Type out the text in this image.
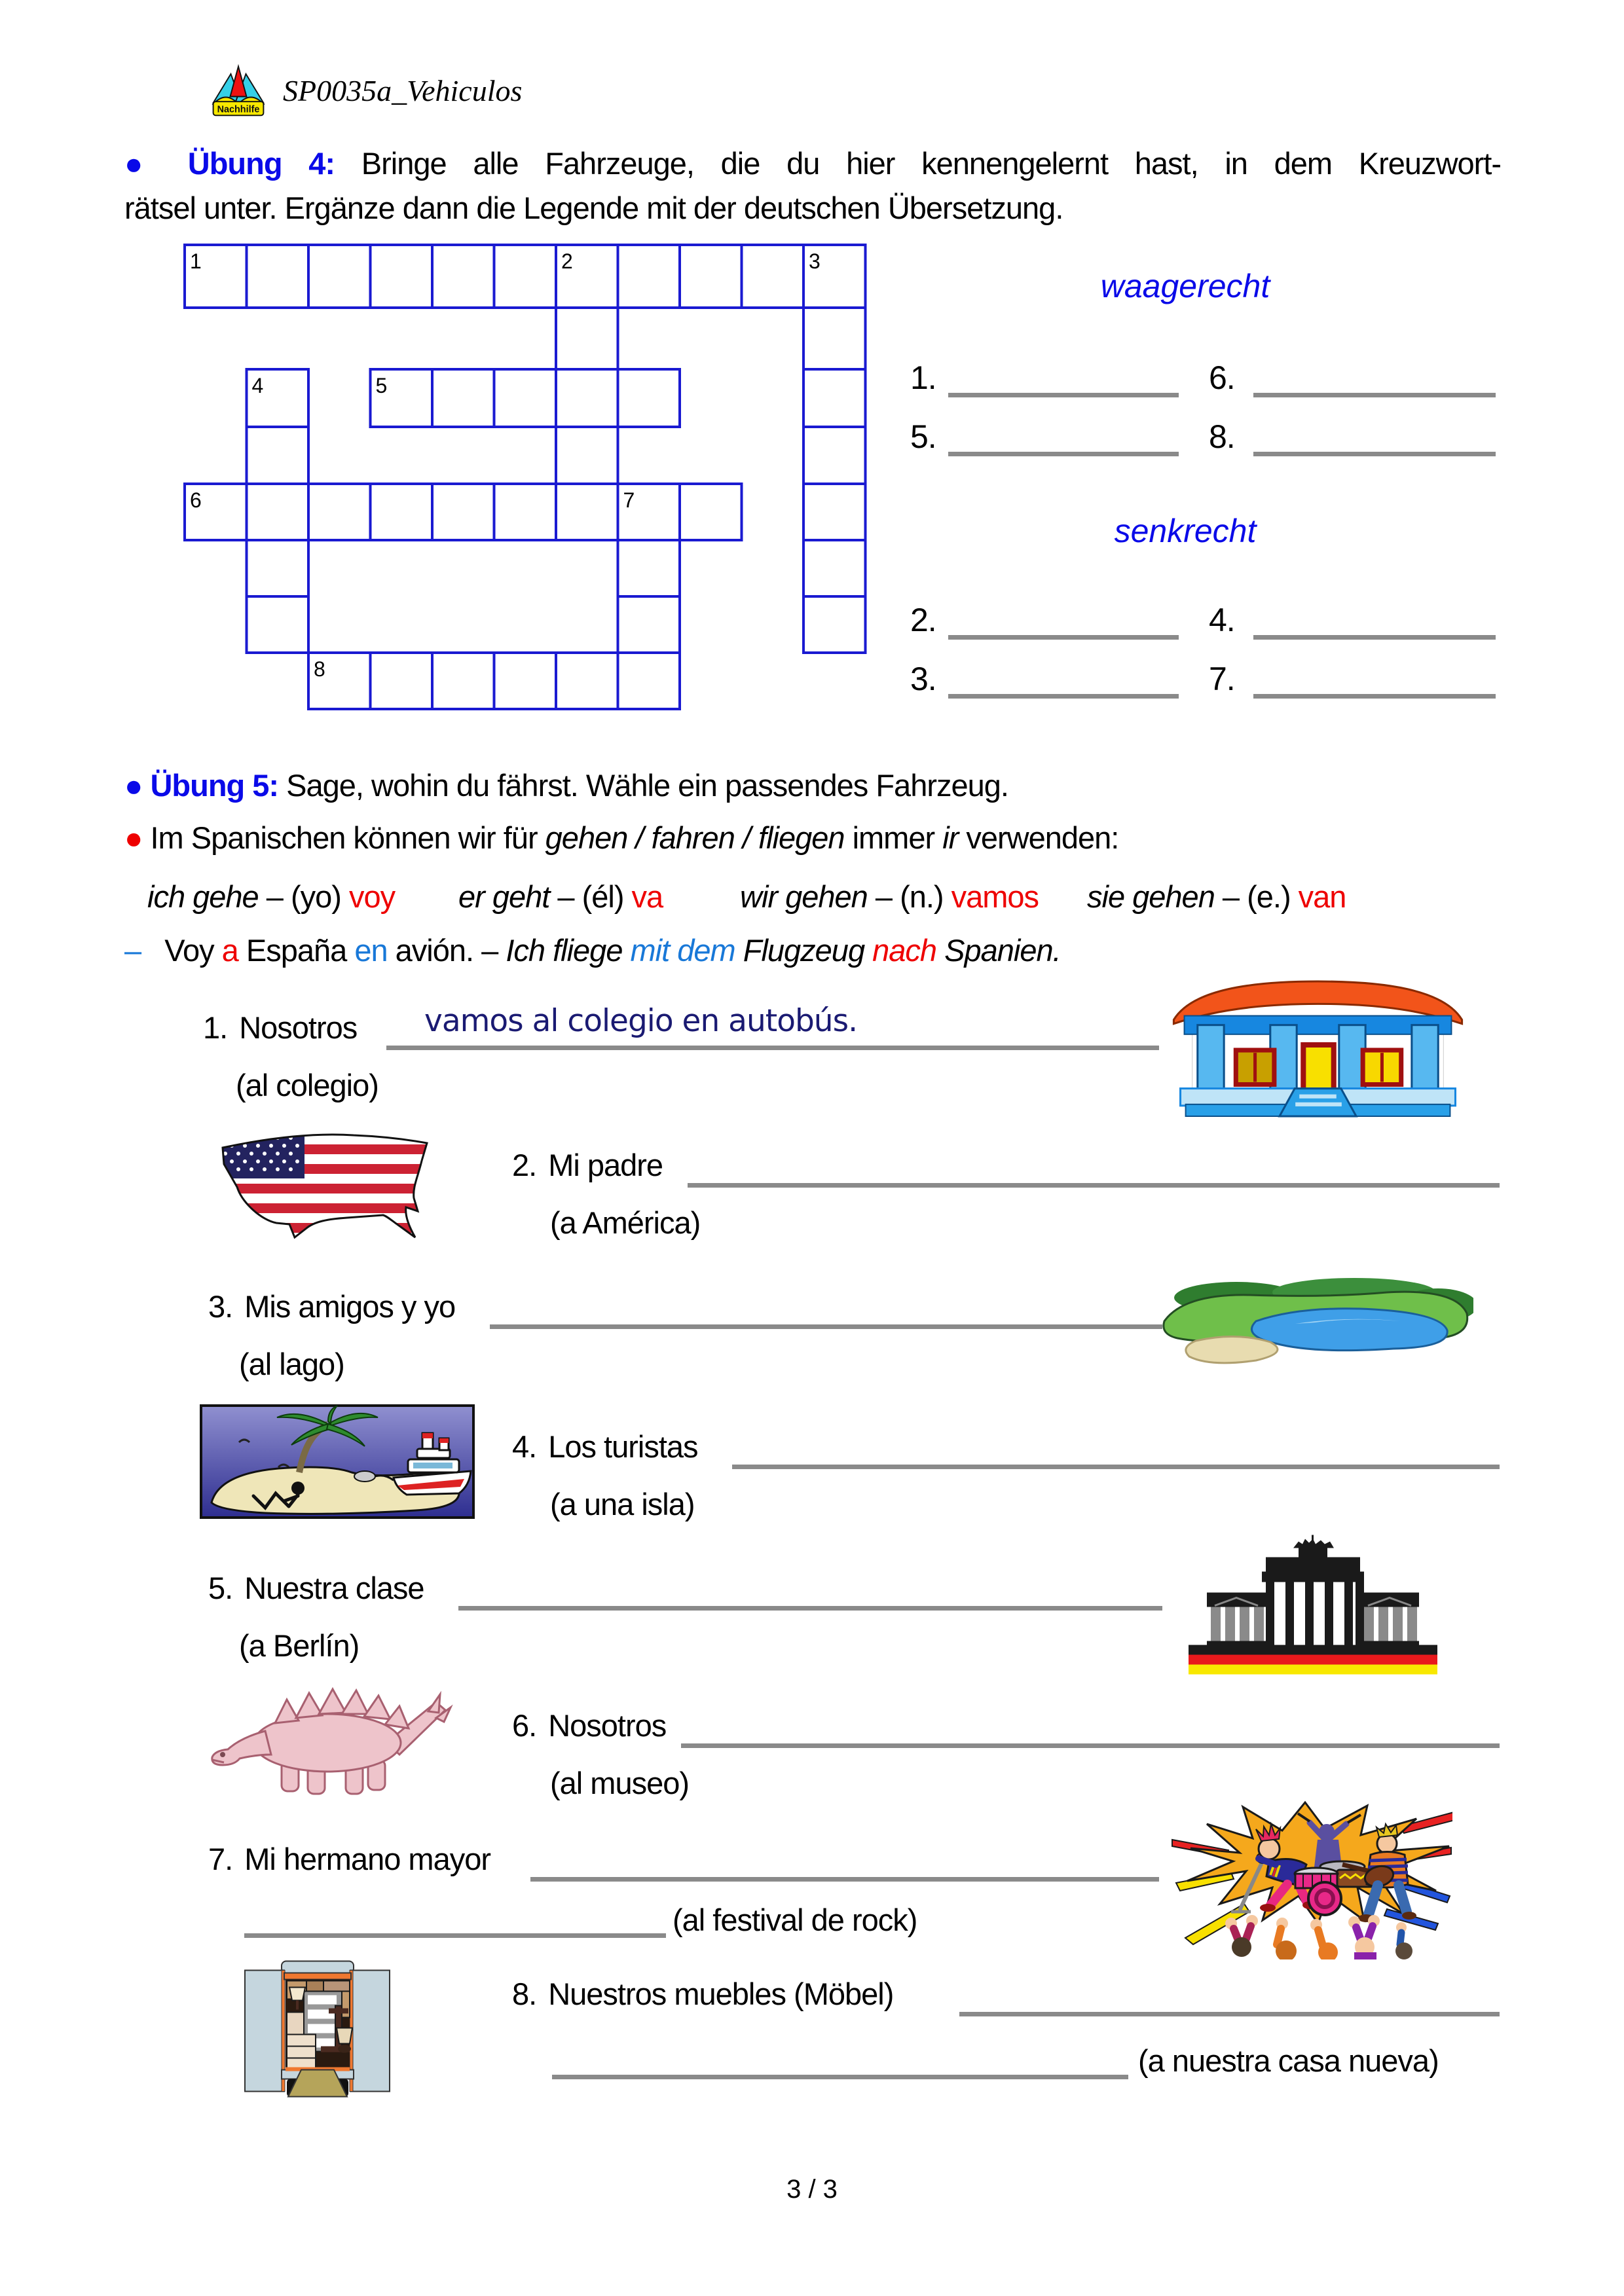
Nachhilfe
SP0035a_Vehiculos
● Übung 4: Bringe alle Fahrzeuge, die du hier kennengelernt hast, in dem Kreuzwort-
rätsel unter. Ergänze dann die Legende mit der deutschen Übersetzung.
1	2	3
4	5
6	7
8
waagerecht
1.	6.
5.	8.
senkrecht
2.	4.
3.	7.
● Übung 5: Sage, wohin du fährst. Wähle ein passendes Fahrzeug.
● Im Spanischen können wir für gehen / fahren / fliegen immer ir verwenden:
ich gehe – (yo) voy er geht – (él) va	wir gehen – (n.) vamos sie gehen – (e.) van
– Voy a España en avión. – Ich fliege mit dem Flugzeug nach Spanien.
1. Nosotros vamos al colegio en autobús.
(al colegio)
2. Mi padre
(a América)
3. Mis amigos y yo
(al lago)
4. Los turistas
(a una isla)
5. Nuestra clase
(a Berlín)
6. Nosotros
(al museo)
7. Mi hermano mayor
(al festival de rock)
8. Nuestros muebles (Möbel)
(a nuestra casa nueva)
3 / 3
